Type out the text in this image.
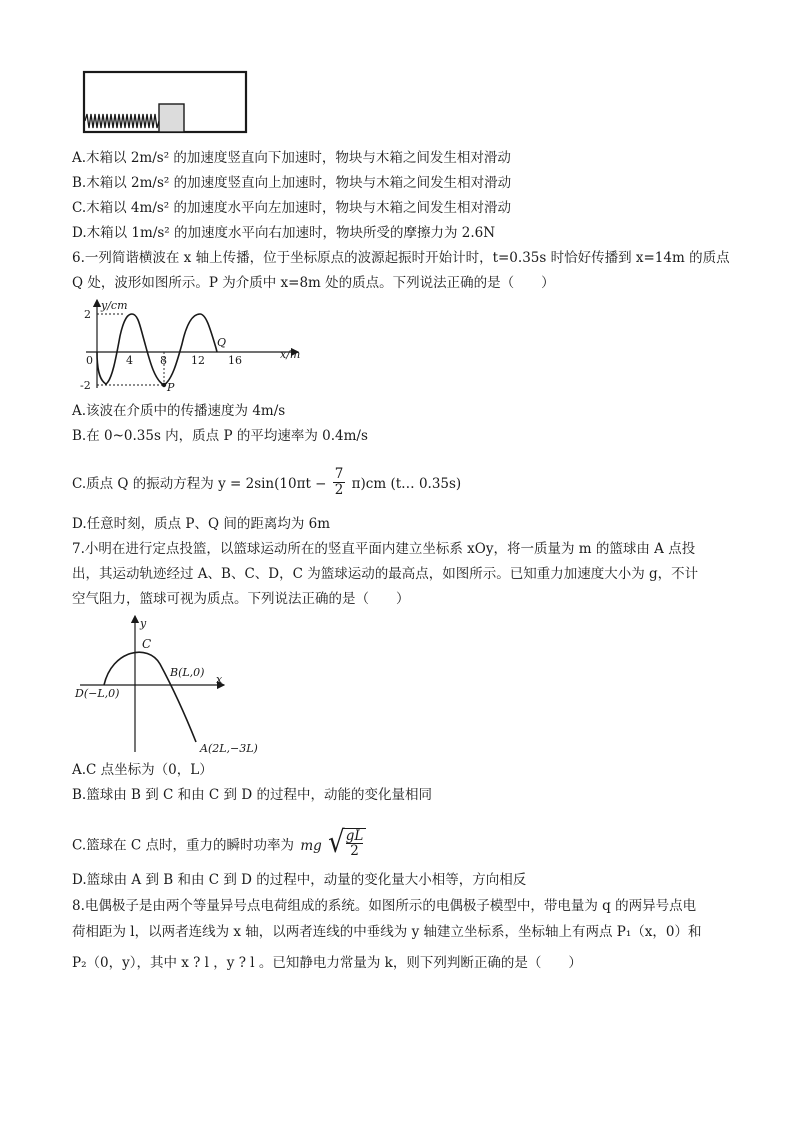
A.木箱以 2m/s² 的加速度竖直向下加速时，物块与木箱之间发生相对滑动
B.木箱以 2m/s² 的加速度竖直向上加速时，物块与木箱之间发生相对滑动
C.木箱以 4m/s² 的加速度水平向左加速时，物块与木箱之间发生相对滑动
D.木箱以 1m/s² 的加速度水平向右加速时，物块所受的摩擦力为 2.6N
6.一列简谐横波在 x 轴上传播，位于坐标原点的波源起振时开始计时，t=0.35s 时恰好传播到 x=14m 的质点
Q 处，波形如图所示。P 为介质中 x=8m 处的质点。下列说法正确的是（　　）
2
-2
0	4 8 12 16
y/cm
x/m
P
Q
A.该波在介质中的传播速度为 4m/s
B.在 0~0.35s 内，质点 P 的平均速率为 0.4m/s
C.质点 Q 的振动方程为 $y = 2\sin(10\pi t - \frac{7}{2} \pi)cm$ (t… 0.35s)
D.任意时刻，质点 P、Q 间的距离均为 6m
7.小明在进行定点投篮，以篮球运动所在的竖直平面内建立坐标系 xOy，将一质量为 m 的篮球由 A 点投
出，其运动轨迹经过 A、B、C、D，C 为篮球运动的最高点，如图所示。已知重力加速度大小为 g，不计
空气阻力，篮球可视为质点。下列说法正确的是（　　）
y
x
C
B(L,0)
D(−L,0)
A(2L,−3L)
A.C 点坐标为（0，L）
B.篮球由 B 到 C 和由 C 到 D 的过程中，动能的变化量相同
C.篮球在 C 点时，重力的瞬时功率为 mg √
$\frac{gL}{2}$
D.篮球由 A 到 B 和由 C 到 D 的过程中，动量的变化量大小相等，方向相反
8.电偶极子是由两个等量异号点电荷组成的系统。如图所示的电偶极子模型中，带电量为 q 的两异号点电
荷相距为 l，以两者连线为 x 轴，以两者连线的中垂线为 y 轴建立坐标系，坐标轴上有两点 P₁（x，0）和
P₂（0，y），其中 x ? l ，y ? l 。已知静电力常量为 k，则下列判断正确的是（　　）
